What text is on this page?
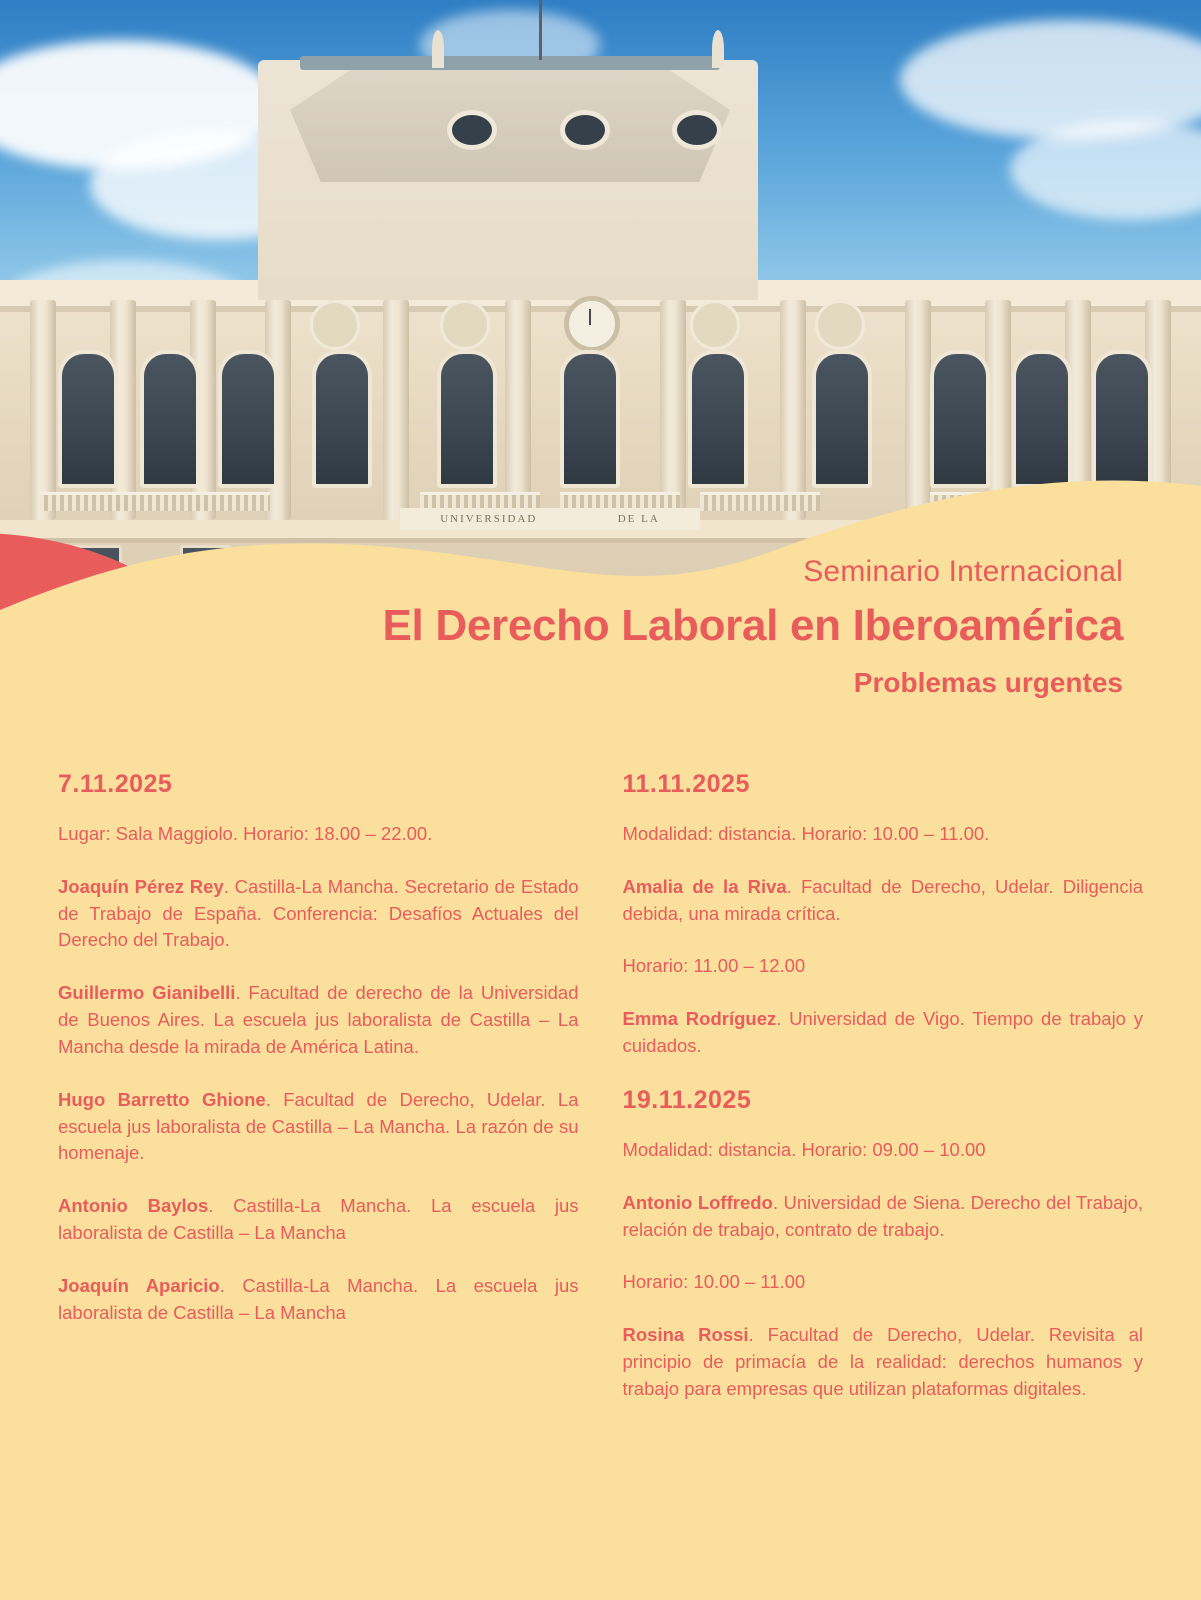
UNIVERSIDAD	DE LA

Seminario Internacional

El Derecho Laboral en Iberoamérica

Problemas urgentes

7.11.2025

Lugar: Sala Maggiolo. Horario: 18.00 – 22.00.

Joaquín Pérez Rey. Castilla-La Mancha. Secretario de Estado de Trabajo de España. Conferencia: Desafíos Actuales del Derecho del Trabajo.

Guillermo Gianibelli. Facultad de derecho de la Universidad de Buenos Aires. La escuela jus laboralista de Castilla – La Mancha desde la mirada de América Latina.

Hugo Barretto Ghione. Facultad de Derecho, Udelar. La escuela jus laboralista de Castilla – La Mancha. La razón de su homenaje.

Antonio Baylos. Castilla-La Mancha. La escuela jus laboralista de Castilla – La Mancha

Joaquín Aparicio. Castilla-La Mancha. La escuela jus laboralista de Castilla – La Mancha

11.11.2025

Modalidad: distancia. Horario: 10.00 – 11.00.

Amalia de la Riva. Facultad de Derecho, Udelar. Diligencia debida, una mirada crítica.

Horario: 11.00 – 12.00

Emma Rodríguez. Universidad de Vigo. Tiempo de trabajo y cuidados.

19.11.2025

Modalidad: distancia. Horario: 09.00 – 10.00

Antonio Loffredo. Universidad de Siena. Derecho del Trabajo, relación de trabajo, contrato de trabajo.

Horario: 10.00 – 11.00

Rosina Rossi. Facultad de Derecho, Udelar. Revisita al principio de primacía de la realidad: derechos humanos y trabajo para empresas que utilizan plataformas digitales.
